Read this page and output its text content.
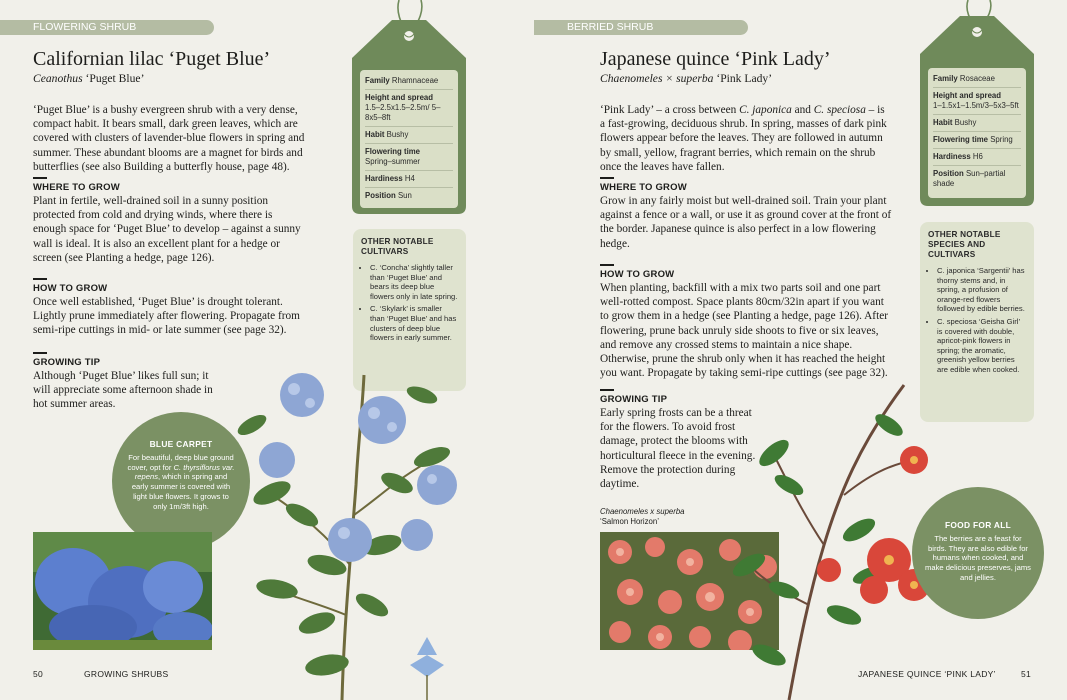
FLOWERING SHRUB
Californian lilac ‘Puget Blue’
Ceanothus ‘Puget Blue’

‘Puget Blue’ is a bushy evergreen shrub with a very dense, compact habit. It bears small, dark green leaves, which are covered with clusters of lavender-blue flowers in spring and summer. These abundant blooms are a magnet for birds and butterflies (see also Building a butterfly house, page 48).

WHERE TO GROW
Plant in fertile, well-drained soil in a sunny position protected from cold and drying winds, where there is enough space for ‘Puget Blue’ to develop – against a sunny wall is ideal. It is also an excellent plant for a hedge or screen (see Planting a hedge, page 126).
HOW TO GROW
Once well established, ‘Puget Blue’ is drought tolerant. Lightly prune immediately after flowering. Propagate from semi-ripe cuttings in mid- or late summer (see page 32).
GROWING TIP
Although ‘Puget Blue’ likes full sun; it will appreciate some afternoon shade in hot summer areas.
Family Rhamnaceae
Height and spread
1.5–2.5x1.5–2.5m/ 5–8x5–8ft
Habit Bushy
Flowering time
Spring–summer
Hardiness H4
Position Sun
OTHER NOTABLE CULTIVARS
• C. ‘Concha’ slightly taller than ‘Puget Blue’ and bears its deep blue flowers only in late spring.
• C. ‘Skylark’ is smaller than ‘Puget Blue’ and has clusters of deep blue flowers in early summer.
BLUE CARPET
For beautiful, deep blue ground cover, opt for C. thyrsiflorus var. repens, which in spring and early summer is covered with light blue flowers. It grows to only 1m/3ft high.
50	GROWING SHRUBS
BERRIED SHRUB
Japanese quince ‘Pink Lady’
Chaenomeles × superba ‘Pink Lady’

‘Pink Lady’ – a cross between C. japonica and C. speciosa – is a fast-growing, deciduous shrub. In spring, masses of dark pink flowers appear before the leaves. They are followed in autumn by small, yellow, fragrant berries, which remain on the shrub once the leaves have fallen.

WHERE TO GROW
Grow in any fairly moist but well-drained soil. Train your plant against a fence or a wall, or use it as ground cover at the front of the border. Japanese quince is also perfect in a low flowering hedge.
HOW TO GROW
When planting, backfill with a mix two parts soil and one part well-rotted compost. Space plants 80cm/32in apart if you want to grow them in a hedge (see Planting a hedge, page 126). After flowering, prune back unruly side shoots to five or six leaves, and remove any crossed stems to maintain a nice shape. Otherwise, prune the shrub only when it has reached the height you want. Propagate by taking semi-ripe cuttings (see page 32).
GROWING TIP
Early spring frosts can be a threat for the flowers. To avoid frost damage, protect the blooms with horticultural fleece in the evening. Remove the protection during daytime.
Chaenomeles x superba
‘Salmon Horizon’
Family Rosaceae
Height and spread
1–1.5x1–1.5m/3–5x3–5ft
Habit Bushy
Flowering time Spring
Hardiness H6
Position Sun–partial shade
OTHER NOTABLE SPECIES AND CULTIVARS
• C. japonica ‘Sargentii’ has thorny stems and, in spring, a profusion of orange-red flowers followed by edible berries.
• C. speciosa ‘Geisha Girl’ is covered with double, apricot-pink flowers in spring; the aromatic, greenish yellow berries are edible when cooked.
FOOD FOR ALL
The berries are a feast for birds. They are also edible for humans when cooked, and make delicious preserves, jams and jellies.
JAPANESE QUINCE ‘PINK LADY’	51
